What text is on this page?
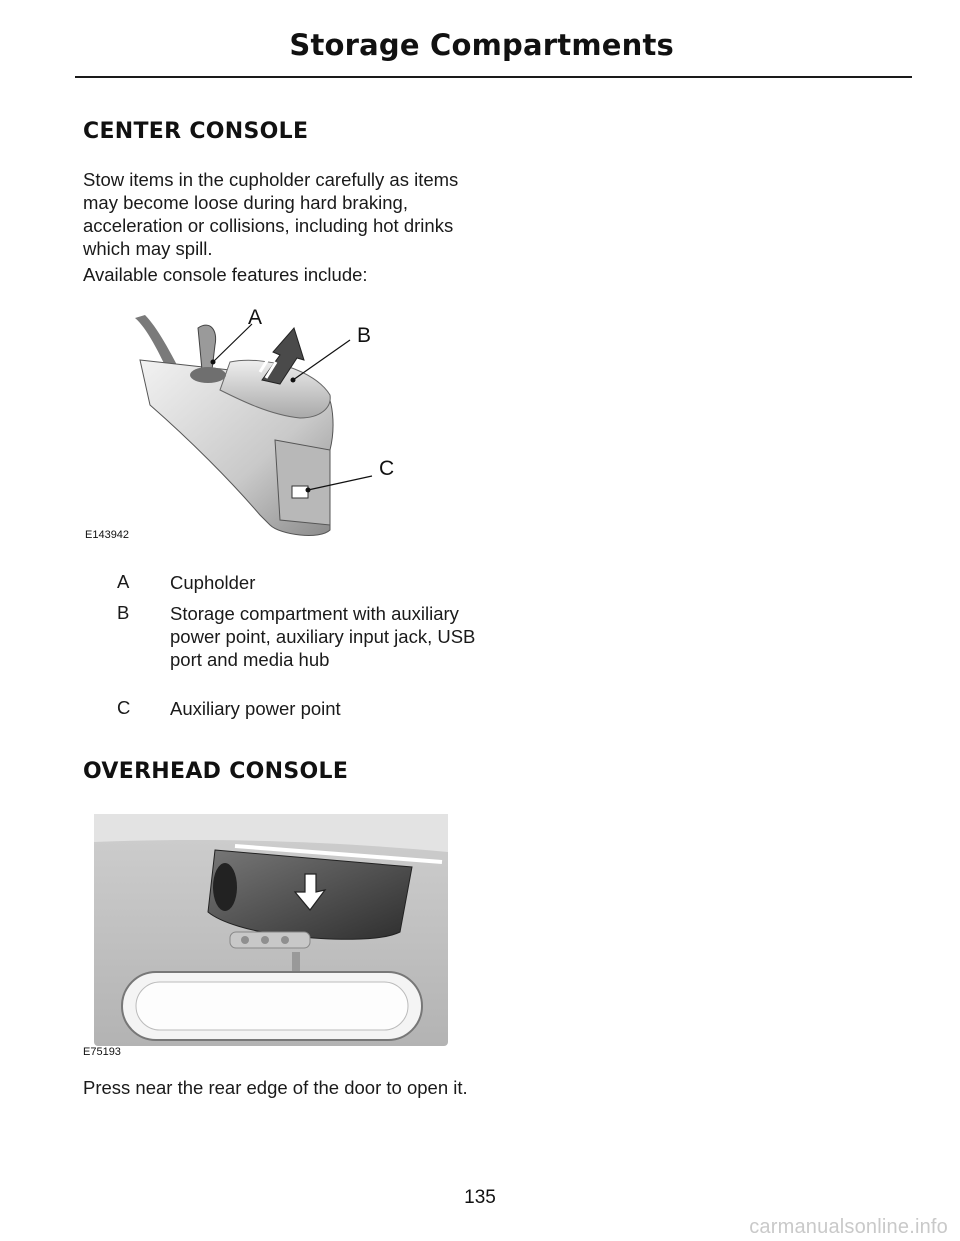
Storage Compartments
CENTER CONSOLE

Stow items in the cupholder carefully as items may become loose during hard braking, acceleration or collisions, including hot drinks which may spill.

Available console features include:

A
B
C
E143942
A Cupholder
B Storage compartment with auxiliary power point, auxiliary input jack, USB port and media hub
C Auxiliary power point
OVERHEAD CONSOLE
E75193

Press near the rear edge of the door to open it.

135
carmanualsonline.info
